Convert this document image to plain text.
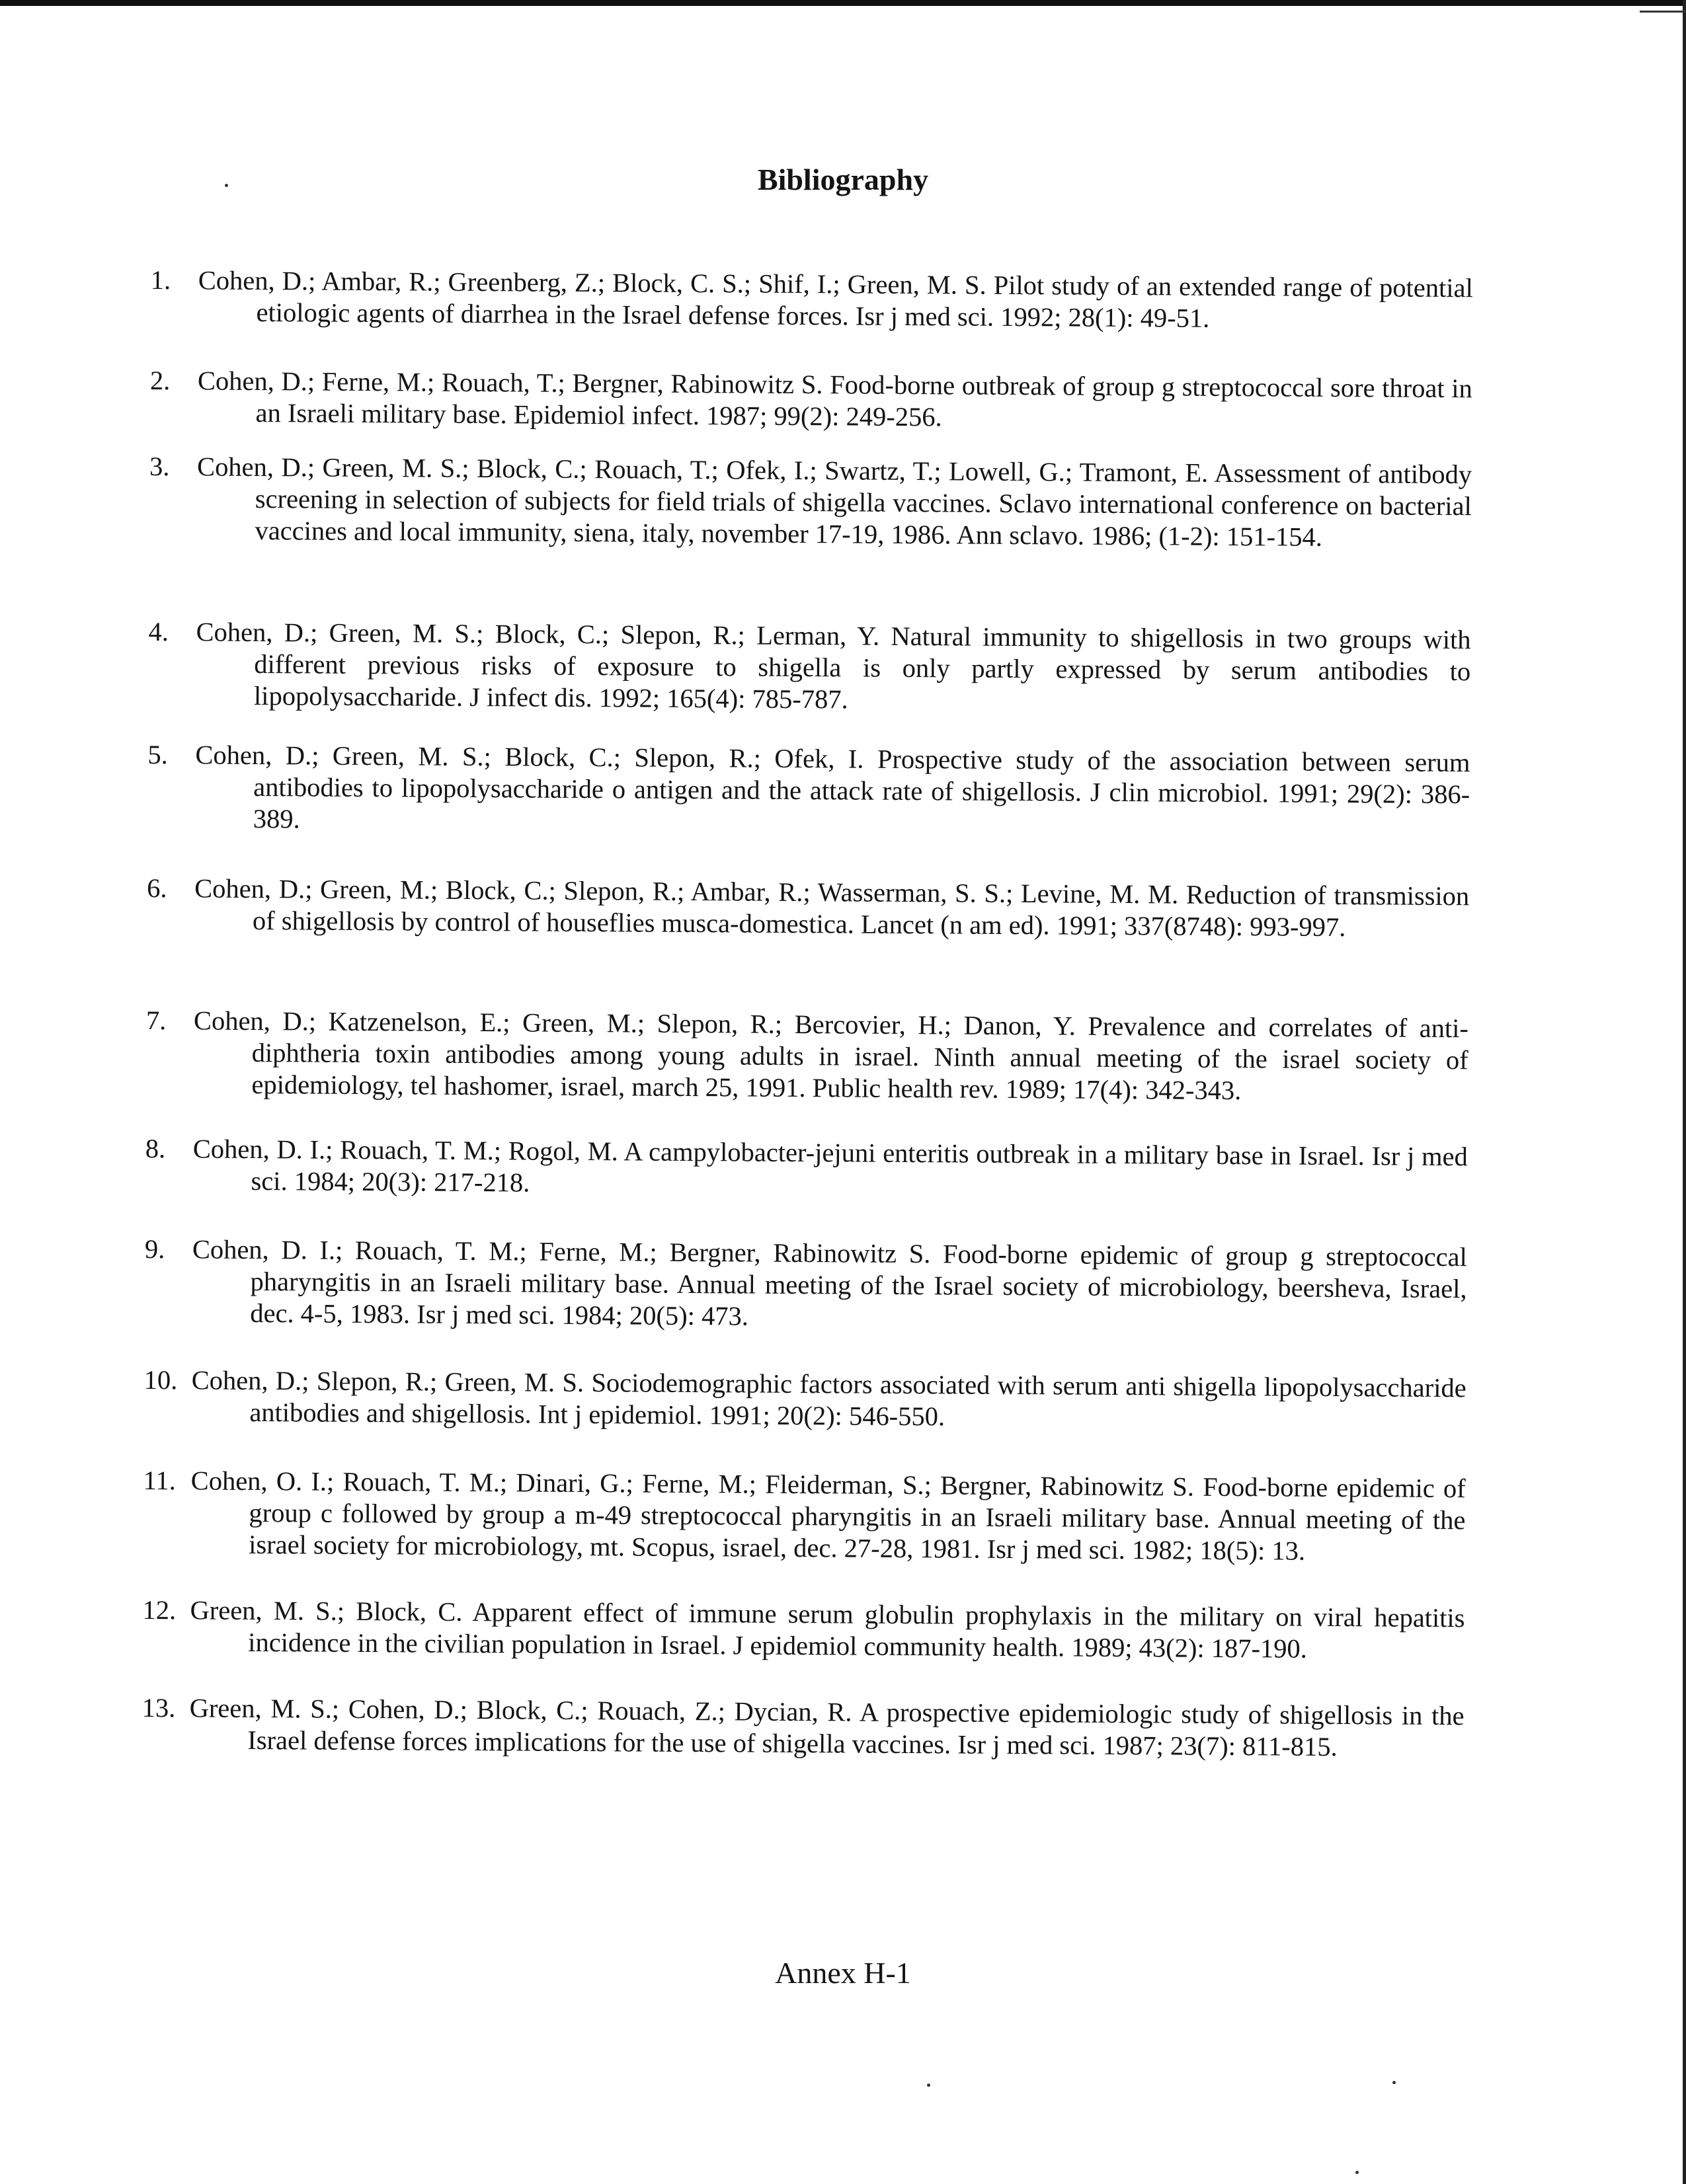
Bibliography
1.	Cohen, D.; Ambar, R.; Greenberg, Z.; Block, C. S.; Shif, I.; Green, M. S. Pilot study of an extended range of potential etiologic agents of diarrhea in the Israel defense forces. Isr j med sci. 1992; 28(1): 49-51.
2.	Cohen, D.; Ferne, M.; Rouach, T.; Bergner, Rabinowitz S. Food-borne outbreak of group g streptococcal sore throat in an Israeli military base. Epidemiol infect. 1987; 99(2): 249-256.
3.	Cohen, D.; Green, M. S.; Block, C.; Rouach, T.; Ofek, I.; Swartz, T.; Lowell, G.; Tramont, E. Assessment of antibody screening in selection of subjects for field trials of shigella vaccines. Sclavo international conference on bacterial vaccines and local immunity, siena, italy, november 17-19, 1986. Ann sclavo. 1986; (1-2): 151-154.
4.	Cohen, D.; Green, M. S.; Block, C.; Slepon, R.; Lerman, Y. Natural immunity to shigellosis in two groups with different previous risks of exposure to shigella is only partly expressed by serum antibodies to lipopolysaccharide. J infect dis. 1992; 165(4): 785-787.
5.	Cohen, D.; Green, M. S.; Block, C.; Slepon, R.; Ofek, I. Prospective study of the association between serum antibodies to lipopolysaccharide o antigen and the attack rate of shigellosis. J clin microbiol. 1991; 29(2): 386-389.
6.	Cohen, D.; Green, M.; Block, C.; Slepon, R.; Ambar, R.; Wasserman, S. S.; Levine, M. M. Reduction of transmission of shigellosis by control of houseflies musca-domestica. Lancet (n am ed). 1991; 337(8748): 993-997.
7.	Cohen, D.; Katzenelson, E.; Green, M.; Slepon, R.; Bercovier, H.; Danon, Y. Prevalence and correlates of anti-diphtheria toxin antibodies among young adults in israel. Ninth annual meeting of the israel society of epidemiology, tel hashomer, israel, march 25, 1991. Public health rev. 1989; 17(4): 342-343.
8.	Cohen, D. I.; Rouach, T. M.; Rogol, M. A campylobacter-jejuni enteritis outbreak in a military base in Israel. Isr j med sci. 1984; 20(3): 217-218.
9.	Cohen, D. I.; Rouach, T. M.; Ferne, M.; Bergner, Rabinowitz S. Food-borne epidemic of group g streptococcal pharyngitis in an Israeli military base. Annual meeting of the Israel society of microbiology, beersheva, Israel, dec. 4-5, 1983. Isr j med sci. 1984; 20(5): 473.
10. Cohen, D.; Slepon, R.; Green, M. S. Sociodemographic factors associated with serum anti shigella lipopolysaccharide antibodies and shigellosis. Int j epidemiol. 1991; 20(2): 546-550.
11. Cohen, O. I.; Rouach, T. M.; Dinari, G.; Ferne, M.; Fleiderman, S.; Bergner, Rabinowitz S. Food-borne epidemic of group c followed by group a m-49 streptococcal pharyngitis in an Israeli military base. Annual meeting of the israel society for microbiology, mt. Scopus, israel, dec. 27-28, 1981. Isr j med sci. 1982; 18(5): 13.
12. Green, M. S.; Block, C. Apparent effect of immune serum globulin prophylaxis in the military on viral hepatitis incidence in the civilian population in Israel. J epidemiol community health. 1989; 43(2): 187-190.
13. Green, M. S.; Cohen, D.; Block, C.; Rouach, Z.; Dycian, R. A prospective epidemiologic study of shigellosis in the Israel defense forces implications for the use of shigella vaccines. Isr j med sci. 1987; 23(7): 811-815.
Annex H-1
